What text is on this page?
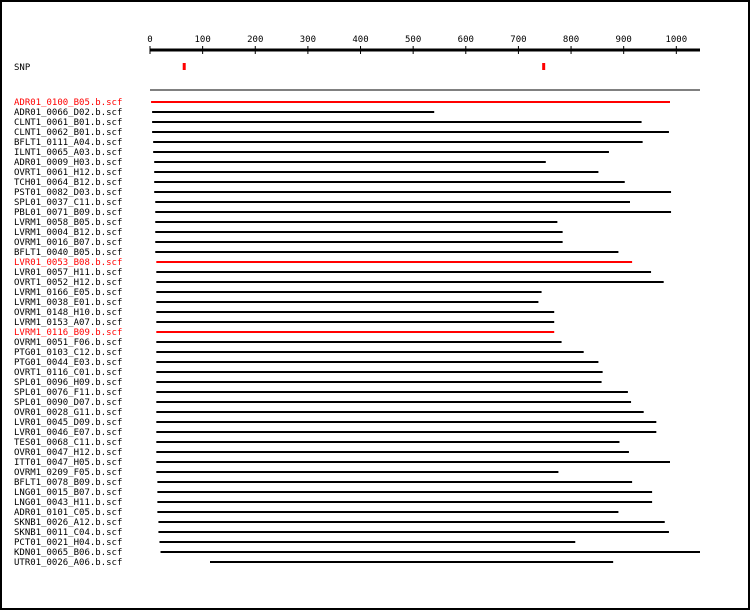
0	100	200	300	400	500	600	700	800	900	1000
SNP
ADR01_0100_B05.b.scf
ADR01_0066_D02.b.scf
CLNT1_0061_B01.b.scf
CLNT1_0062_B01.b.scf
BFLT1_0111_A04.b.scf
ILNT1_0065_A03.b.scf
ADR01_0009_H03.b.scf
OVRT1_0061_H12.b.scf
TCH01_0064_B12.b.scf
PST01_0082_D03.b.scf
SPL01_0037_C11.b.scf
PBL01_0071_B09.b.scf
LVRM1_0058_B05.b.scf
LVRM1_0004_B12.b.scf
OVRM1_0016_B07.b.scf
BFLT1_0040_B05.b.scf
LVR01_0053_B08.b.scf
LVR01_0057_H11.b.scf
OVRT1_0052_H12.b.scf
LVRM1_0166_E05.b.scf
LVRM1_0038_E01.b.scf
OVRM1_0148_H10.b.scf
LVRM1_0153_A07.b.scf
LVRM1_0116_B09.b.scf
OVRM1_0051_F06.b.scf
PTG01_0103_C12.b.scf
PTG01_0044_E03.b.scf
OVRT1_0116_C01.b.scf
SPL01_0096_H09.b.scf
SPL01_0076_F11.b.scf
SPL01_0090_D07.b.scf
OVR01_0028_G11.b.scf
LVR01_0045_D09.b.scf
LVR01_0046_E07.b.scf
TES01_0068_C11.b.scf
OVR01_0047_H12.b.scf
ITT01_0047_H05.b.scf
OVRM1_0209_F05.b.scf
BFLT1_0078_B09.b.scf
LNG01_0015_B07.b.scf
LNG01_0043_H11.b.scf
ADR01_0101_C05.b.scf
SKNB1_0026_A12.b.scf
SKNB1_0011_C04.b.scf
PCT01_0021_H04.b.scf
KDN01_0065_B06.b.scf
UTR01_0026_A06.b.scf
